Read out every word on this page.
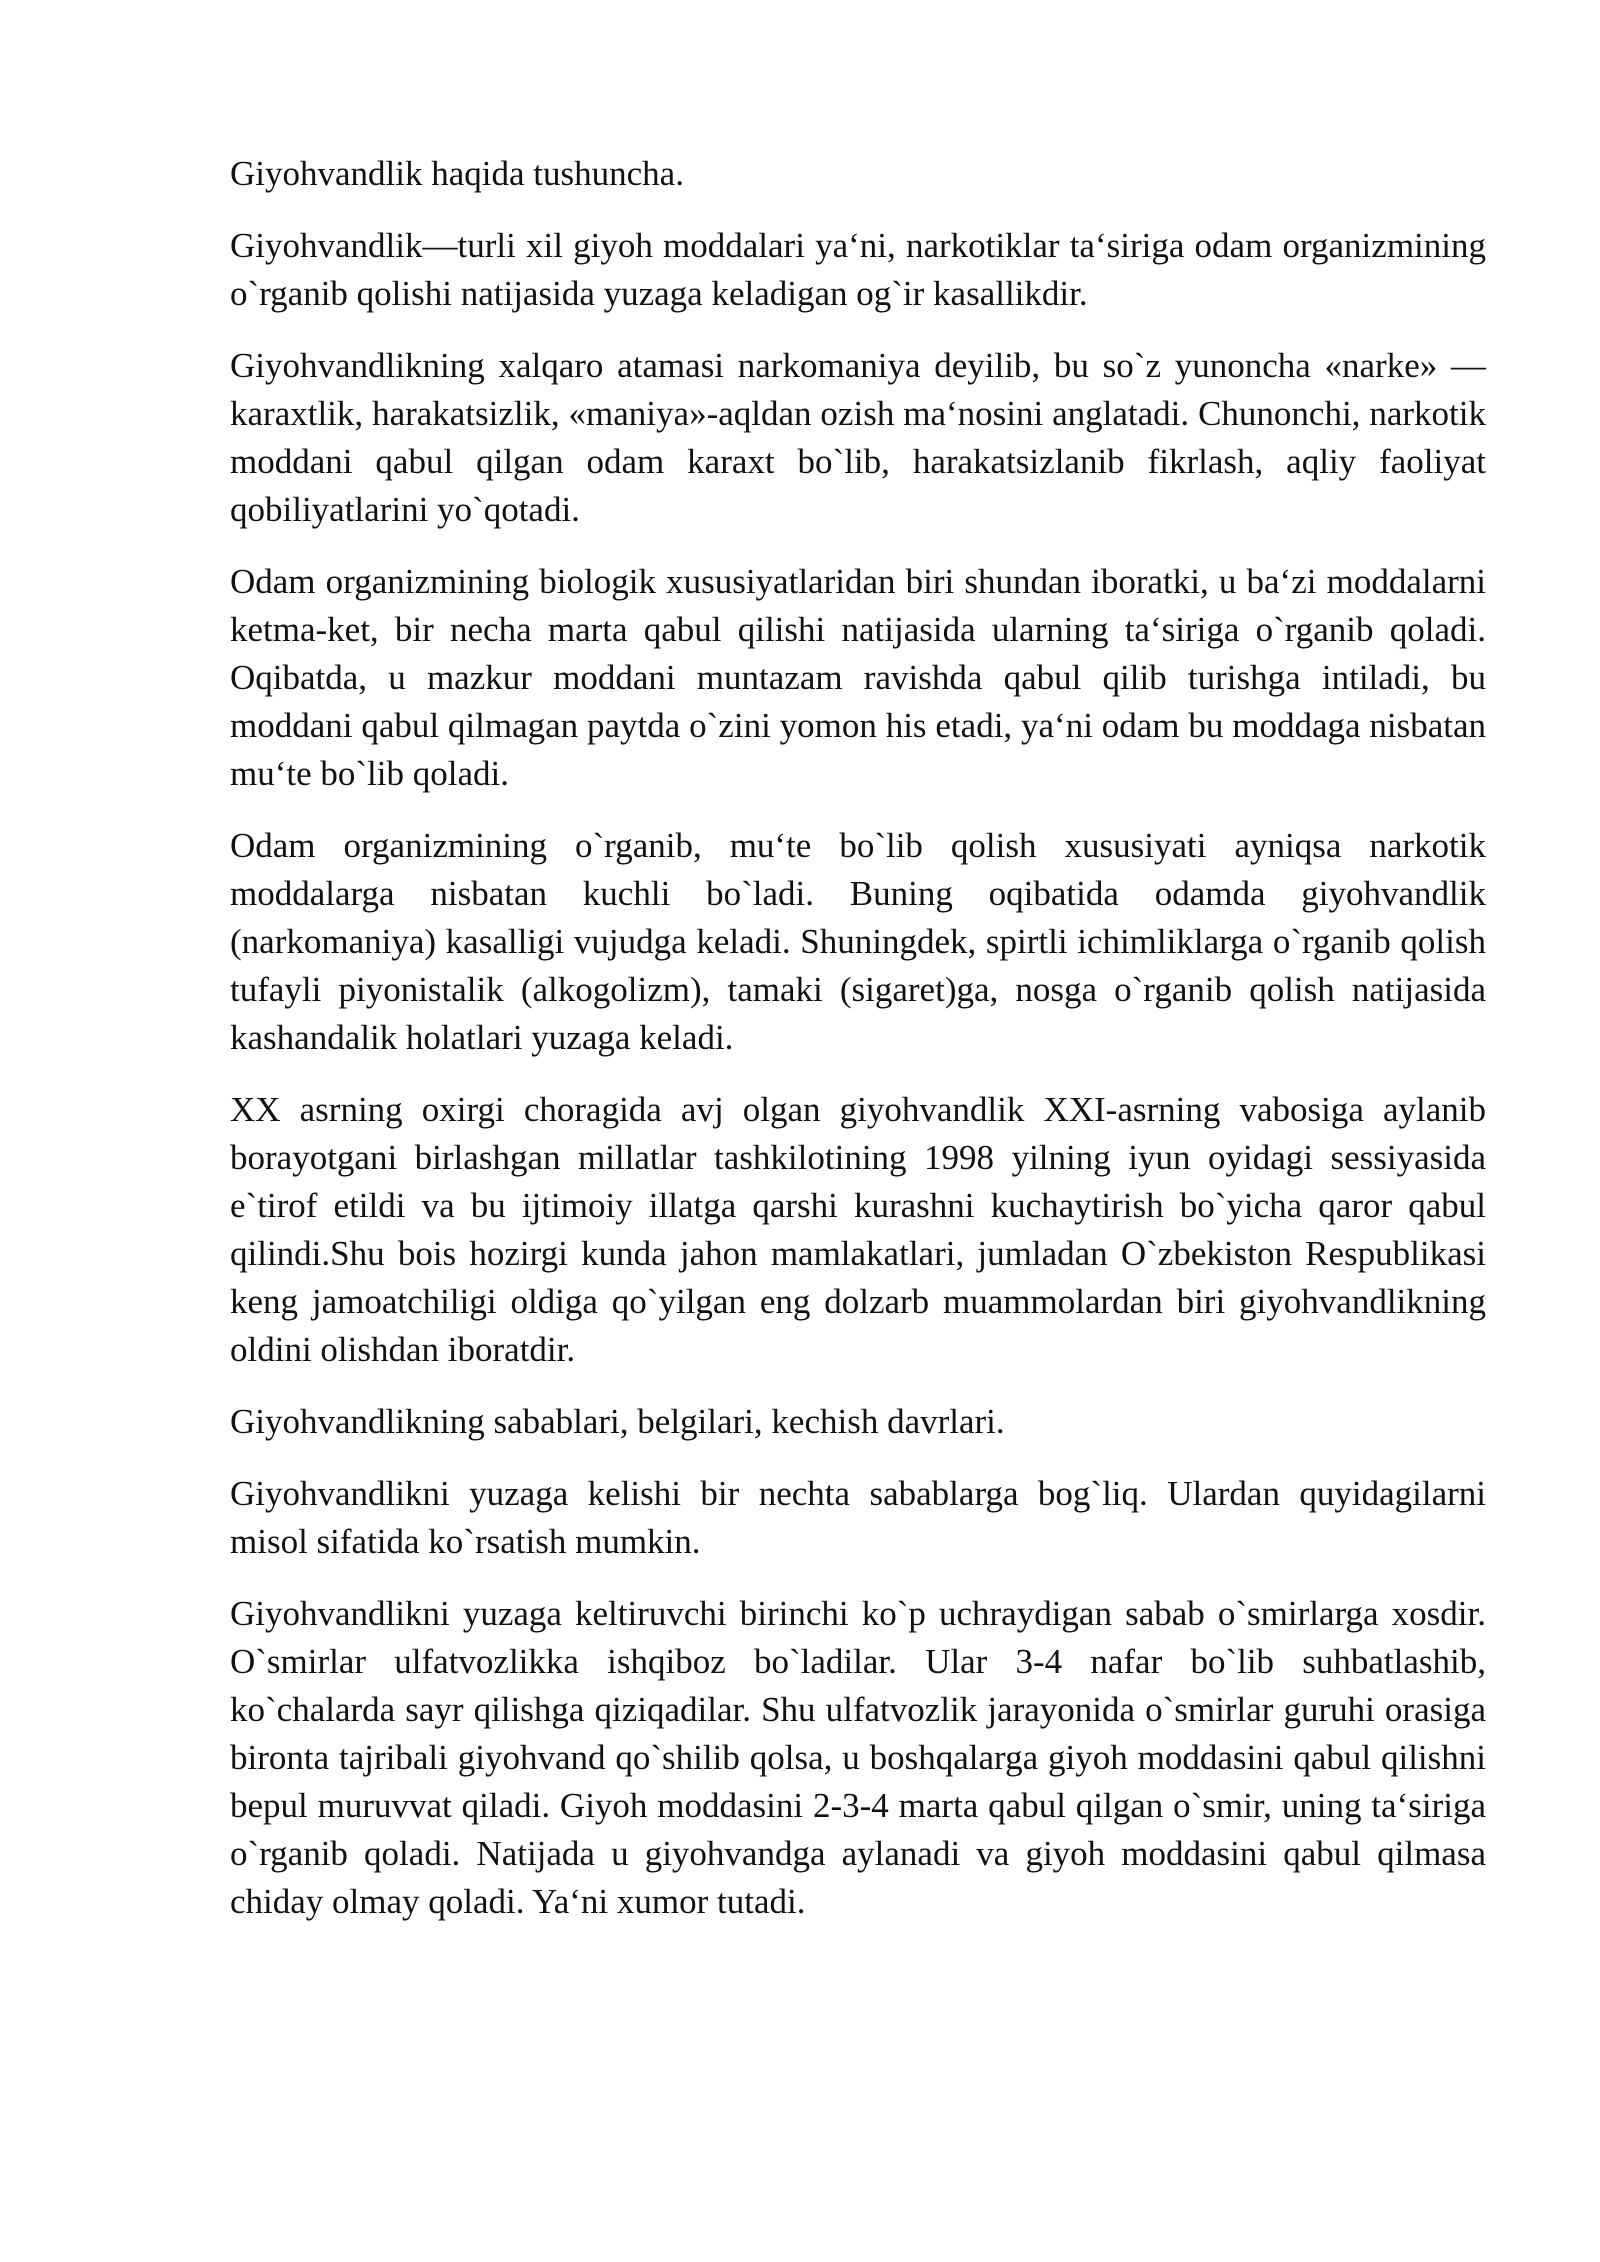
Giyohvandlik haqida tushuncha.

Giyohvandlik—turli xil giyoh moddalari ya‘ni, narkotiklar ta‘siriga odam organizmining o`rganib qolishi natijasida yuzaga keladigan og`ir kasallikdir.

Giyohvandlikning xalqaro atamasi narkomaniya deyilib, bu so`z yunoncha «narke» — karaxtlik, harakatsizlik, «maniya»-aqldan ozish ma‘nosini anglatadi. Chunonchi, narkotik moddani qabul qilgan odam karaxt bo`lib, harakatsizlanib fikrlash, aqliy faoliyat qobiliyatlarini yo`qotadi.

Odam organizmining biologik xususiyatlaridan biri shundan iboratki, u ba‘zi moddalarni ketma-ket, bir necha marta qabul qilishi natijasida ularning ta‘siriga o`rganib qoladi. Oqibatda, u mazkur moddani muntazam ravishda qabul qilib turishga intiladi, bu moddani qabul qilmagan paytda o`zini yomon his etadi, ya‘ni odam bu moddaga nisbatan mu‘te bo`lib qoladi.

Odam organizmining o`rganib, mu‘te bo`lib qolish xususiyati ayniqsa narkotik moddalarga nisbatan kuchli bo`ladi. Buning oqibatida odamda giyohvandlik (narkomaniya) kasalligi vujudga keladi. Shuningdek, spirtli ichimliklarga o`rganib qolish tufayli piyonistalik (alkogolizm), tamaki (sigaret)ga, nosga o`rganib qolish natijasida kashandalik holatlari yuzaga keladi.

XX asrning oxirgi choragida avj olgan giyohvandlik XXI-asrning vabosiga aylanib borayotgani birlashgan millatlar tashkilotining 1998 yilning iyun oyidagi sessiyasida e`tirof etildi va bu ijtimoiy illatga qarshi kurashni kuchaytirish bo`yicha qaror qabul qilindi.Shu bois hozirgi kunda jahon mamlakatlari, jumladan O`zbekiston Respublikasi keng jamoatchiligi oldiga qo`yilgan eng dolzarb muammolardan biri giyohvandlikning oldini olishdan iboratdir.

Giyohvandlikning sabablari, belgilari, kechish davrlari.

Giyohvandlikni yuzaga kelishi bir nechta sabablarga bog`liq. Ulardan quyidagilarni misol sifatida ko`rsatish mumkin.

Giyohvandlikni yuzaga keltiruvchi birinchi ko`p uchraydigan sabab o`smirlarga xosdir. O`smirlar ulfatvozlikka ishqiboz bo`ladilar. Ular 3-4 nafar bo`lib suhbatlashib, ko`chalarda sayr qilishga qiziqadilar. Shu ulfatvozlik jarayonida o`smirlar guruhi orasiga bironta tajribali giyohvand qo`shilib qolsa, u boshqalarga giyoh moddasini qabul qilishni bepul muruvvat qiladi. Giyoh moddasini 2-3-4 marta qabul qilgan o`smir, uning ta‘siriga o`rganib qoladi. Natijada u giyohvandga aylanadi va giyoh moddasini qabul qilmasa chiday olmay qoladi. Ya‘ni xumor tutadi.
